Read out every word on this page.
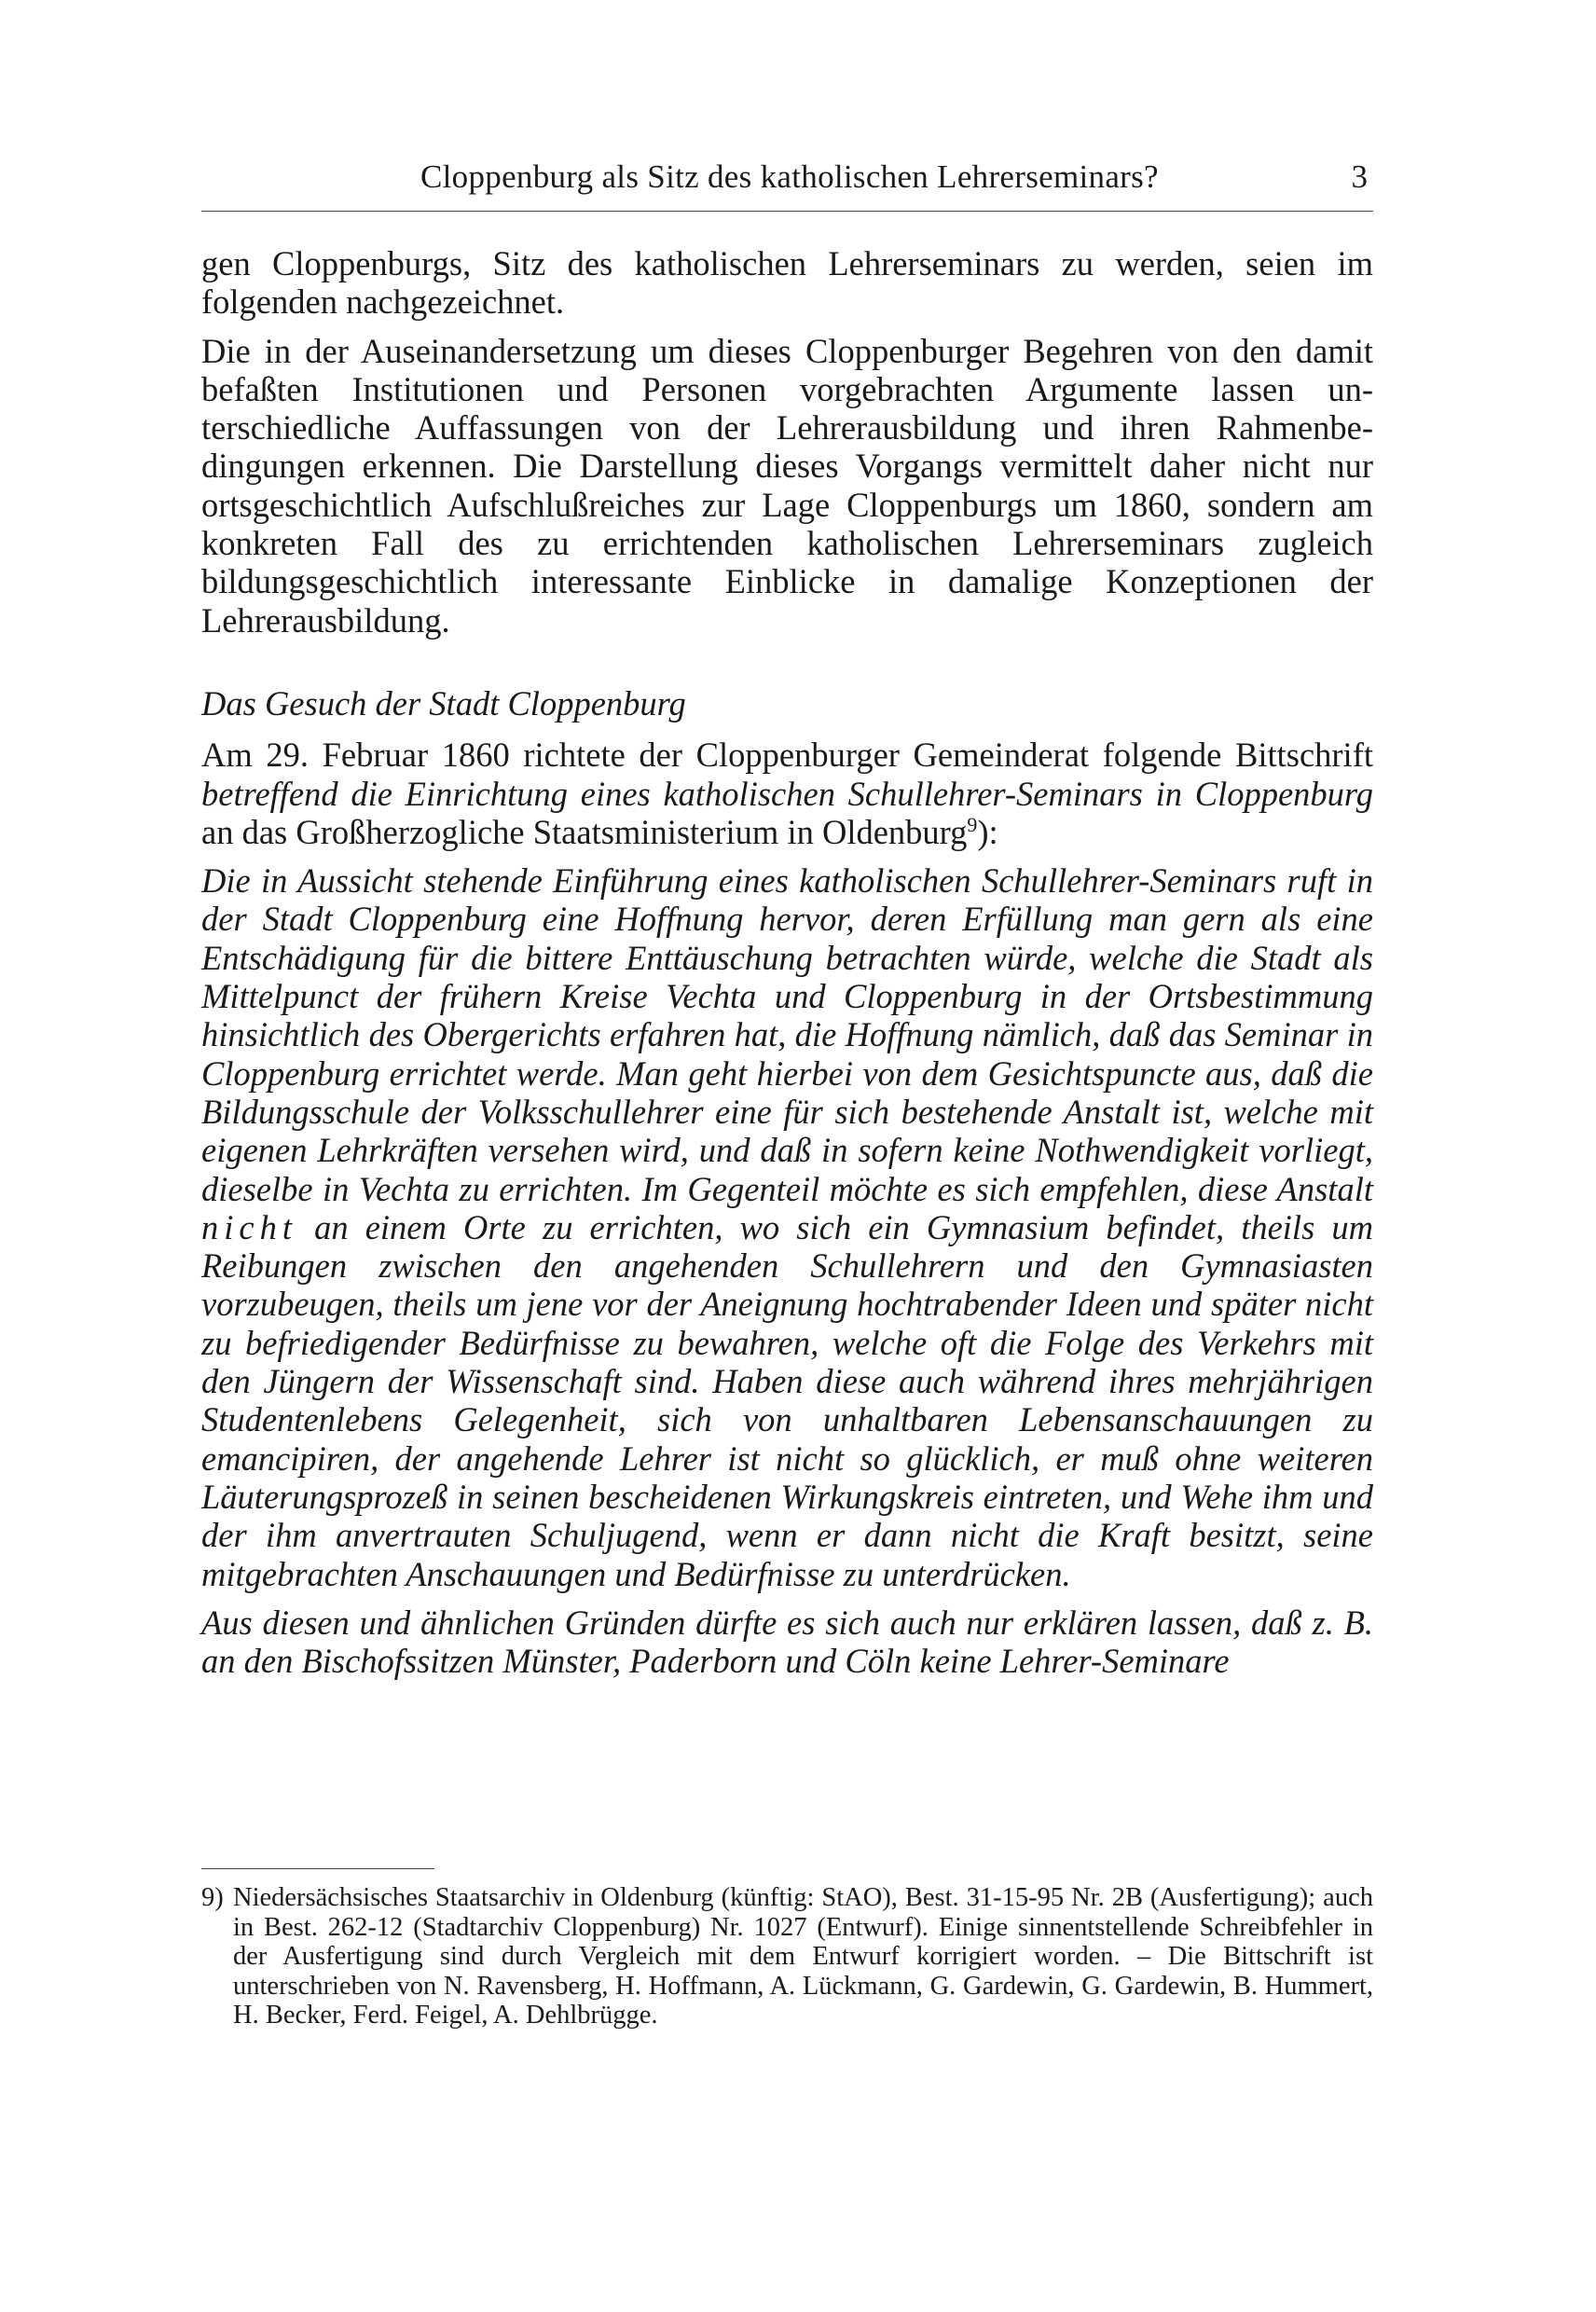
Cloppenburg als Sitz des katholischen Lehrerseminars?	3

gen Cloppenburgs, Sitz des katholischen Lehrerseminars zu werden, seien im folgenden nachgezeichnet.

Die in der Auseinandersetzung um dieses Cloppenburger Begehren von den damit befaßten Institutionen und Personen vorgebrachten Argumente lassen unterschiedliche Auffassungen von der Lehrerausbildung und ihren Rahmenbedingungen erkennen. Die Darstellung dieses Vorgangs vermittelt daher nicht nur ortsgeschichtlich Aufschlußreiches zur Lage Cloppenburgs um 1860, sondern am konkreten Fall des zu errichtenden katholischen Lehrerseminars zugleich bildungsgeschichtlich interessante Einblicke in damalige Konzeptionen der Lehrerausbildung.

Das Gesuch der Stadt Cloppenburg

Am 29. Februar 1860 richtete der Cloppenburger Gemeinderat folgende Bittschrift betreffend die Einrichtung eines katholischen Schullehrer-Seminars in Cloppenburg an das Großherzogliche Staatsministerium in Oldenburg$^9$):

Die in Aussicht stehende Einführung eines katholischen Schullehrer-Seminars ruft in der Stadt Cloppenburg eine Hoffnung hervor, deren Erfüllung man gern als eine Entschädigung für die bittere Enttäuschung betrachten würde, welche die Stadt als Mittelpunct der frühern Kreise Vechta und Cloppenburg in der Ortsbestimmung hinsichtlich des Obergerichts erfahren hat, die Hoffnung nämlich, daß das Seminar in Cloppenburg errichtet werde. Man geht hierbei von dem Gesichtspuncte aus, daß die Bildungsschule der Volksschullehrer eine für sich bestehende Anstalt ist, welche mit eigenen Lehrkräften versehen wird, und daß in sofern keine Nothwendigkeit vorliegt, dieselbe in Vechta zu errichten. Im Gegenteil möchte es sich empfehlen, diese Anstalt nicht an einem Orte zu errichten, wo sich ein Gymnasium befindet, theils um Reibungen zwischen den angehenden Schullehrern und den Gymnasiasten vorzubeugen, theils um jene vor der Aneignung hochtrabender Ideen und später nicht zu befriedigender Bedürfnisse zu bewahren, welche oft die Folge des Verkehrs mit den Jüngern der Wissenschaft sind. Haben diese auch während ihres mehrjährigen Studentenlebens Gelegenheit, sich von unhaltbaren Lebensanschauungen zu emancipiren, der angehende Lehrer ist nicht so glücklich, er muß ohne weiteren Läuterungsprozeß in seinen bescheidenen Wirkungskreis eintreten, und Wehe ihm und der ihm anvertrauten Schuljugend, wenn er dann nicht die Kraft besitzt, seine mitgebrachten Anschauungen und Bedürfnisse zu unterdrücken.

Aus diesen und ähnlichen Gründen dürfte es sich auch nur erklären lassen, daß z. B. an den Bischofssitzen Münster, Paderborn und Cöln keine Lehrer-Seminare

9) Niedersächsisches Staatsarchiv in Oldenburg (künftig: StAO), Best. 31-15-95 Nr. 2B (Ausfertigung); auch in Best. 262-12 (Stadtarchiv Cloppenburg) Nr. 1027 (Entwurf). Einige sinnentstellende Schreibfehler in der Ausfertigung sind durch Vergleich mit dem Entwurf korrigiert worden. – Die Bittschrift ist unterschrieben von N. Ravensberg, H. Hoffmann, A. Lückmann, G. Gardewin, G. Gardewin, B. Hummert, H. Becker, Ferd. Feigel, A. Dehlbrügge.
